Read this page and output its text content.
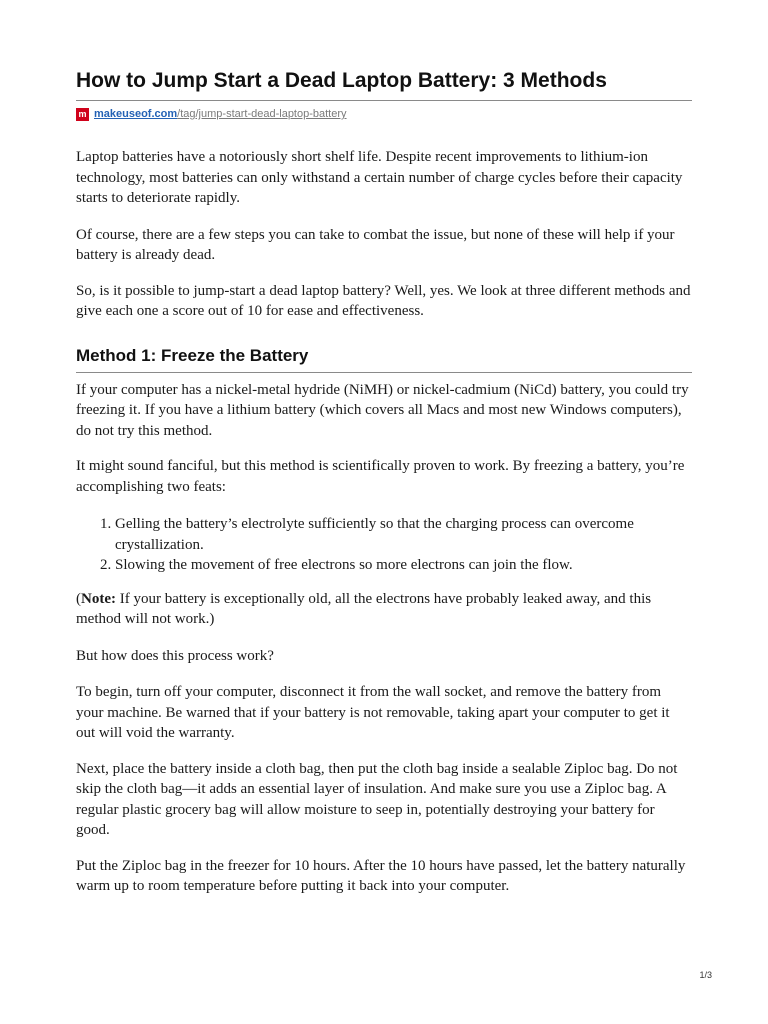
How to Jump Start a Dead Laptop Battery: 3 Methods
m makeuseof.com /tag/jump-start-dead-laptop-battery

Laptop batteries have a notoriously short shelf life. Despite recent improvements to lithium-ion technology, most batteries can only withstand a certain number of charge cycles before their capacity starts to deteriorate rapidly.

Of course, there are a few steps you can take to combat the issue, but none of these will help if your battery is already dead.

So, is it possible to jump-start a dead laptop battery? Well, yes. We look at three different methods and give each one a score out of 10 for ease and effectiveness.

Method 1: Freeze the Battery

If your computer has a nickel-metal hydride (NiMH) or nickel-cadmium (NiCd) battery, you could try freezing it. If you have a lithium battery (which covers all Macs and most new Windows computers), do not try this method.

It might sound fanciful, but this method is scientifically proven to work. By freezing a battery, you’re accomplishing two feats:

1. Gelling the battery’s electrolyte sufficiently so that the charging process can overcome crystallization.
2. Slowing the movement of free electrons so more electrons can join the flow.

(Note: If your battery is exceptionally old, all the electrons have probably leaked away, and this method will not work.)

But how does this process work?

To begin, turn off your computer, disconnect it from the wall socket, and remove the battery from your machine. Be warned that if your battery is not removable, taking apart your computer to get it out will void the warranty.

Next, place the battery inside a cloth bag, then put the cloth bag inside a sealable Ziploc bag. Do not skip the cloth bag—it adds an essential layer of insulation. And make sure you use a Ziploc bag. A regular plastic grocery bag will allow moisture to seep in, potentially destroying your battery for good.

Put the Ziploc bag in the freezer for 10 hours. After the 10 hours have passed, let the battery naturally warm up to room temperature before putting it back into your computer.

1/3
